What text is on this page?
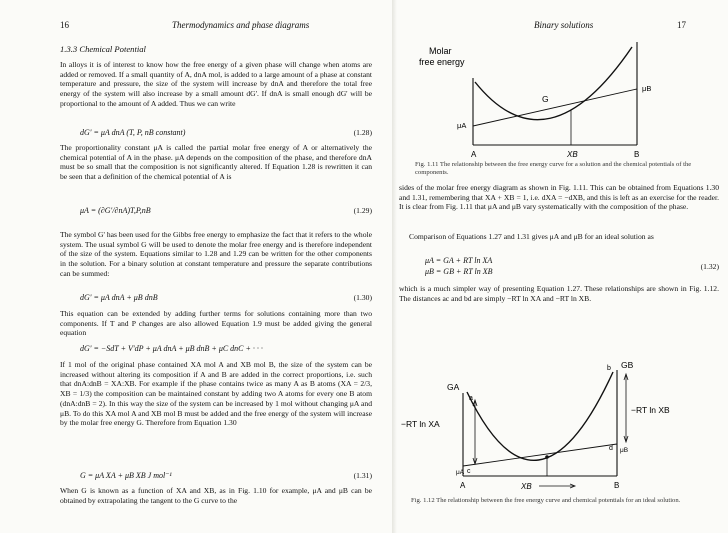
16	Thermodynamics and phase diagrams
1.3.3 Chemical Potential
In alloys it is of interest to know how the free energy of a given phase will change when atoms are added or removed. If a small quantity of A, dnA mol, is added to a large amount of a phase at constant temperature and pressure, the size of the system will increase by dnA and therefore the total free energy of the system will also increase by a small amount dG'. If dnA is small enough dG' will be proportional to the amount of A added. Thus we can write
dG' = μA dnA (T, P, nB constant)	(1.28)
The proportionality constant μA is called the partial molar free energy of A or alternatively the chemical potential of A in the phase. μA depends on the composition of the phase, and therefore dnA must be so small that the composition is not significantly altered. If Equation 1.28 is rewritten it can be seen that a definition of the chemical potential of A is
μA = (∂G'/∂nA)T,P,nB	(1.29)
The symbol G' has been used for the Gibbs free energy to emphasize the fact that it refers to the whole system. The usual symbol G will be used to denote the molar free energy and is therefore independent of the size of the system. Equations similar to 1.28 and 1.29 can be written for the other components in the solution. For a binary solution at constant temperature and pressure the separate contributions can be summed:
dG' = μA dnA + μB dnB	(1.30)
This equation can be extended by adding further terms for solutions containing more than two components. If T and P changes are also allowed Equation 1.9 must be added giving the general equation
dG' = −SdT + V'dP + μA dnA + μB dnB + μC dnC + · · ·
If 1 mol of the original phase contained XA mol A and XB mol B, the size of the system can be increased without altering its composition if A and B are added in the correct proportions, i.e. such that dnA:dnB = XA:XB. For example if the phase contains twice as many A as B atoms (XA = 2/3, XB = 1/3) the composition can be maintained constant by adding two A atoms for every one B atom (dnA:dnB = 2). In this way the size of the system can be increased by 1 mol without changing μA and μB. To do this XA mol A and XB mol B must be added and the free energy of the system will increase by the molar free energy G. Therefore from Equation 1.30
G = μA XA + μB XB J mol⁻¹	(1.31)
When G is known as a function of XA and XB, as in Fig. 1.10 for example, μA and μB can be obtained by extrapolating the tangent to the G curve to the
Binary solutions	17
Molar
free energy
G
μA
μB
A	XB	B
Fig. 1.11 The relationship between the free energy curve for a solution and the chemical potentials of the components.
sides of the molar free energy diagram as shown in Fig. 1.11. This can be obtained from Equations 1.30 and 1.31, remembering that XA + XB = 1, i.e. dXA = −dXB, and this is left as an exercise for the reader. It is clear from Fig. 1.11 that μA and μB vary systematically with the composition of the phase.
Comparison of Equations 1.27 and 1.31 gives μA and μB for an ideal solution as
μA = GA + RT ln XA
μB = GB + RT ln XB
(1.32)
which is a much simpler way of presenting Equation 1.27. These relationships are shown in Fig. 1.12. The distances ac and bd are simply −RT ln XA and −RT ln XB.
GA
GB
a
b
c
d
μA
μB
−RT ln XA
−RT ln XB
A	XB	B
Fig. 1.12 The relationship between the free energy curve and chemical potentials for an ideal solution.
